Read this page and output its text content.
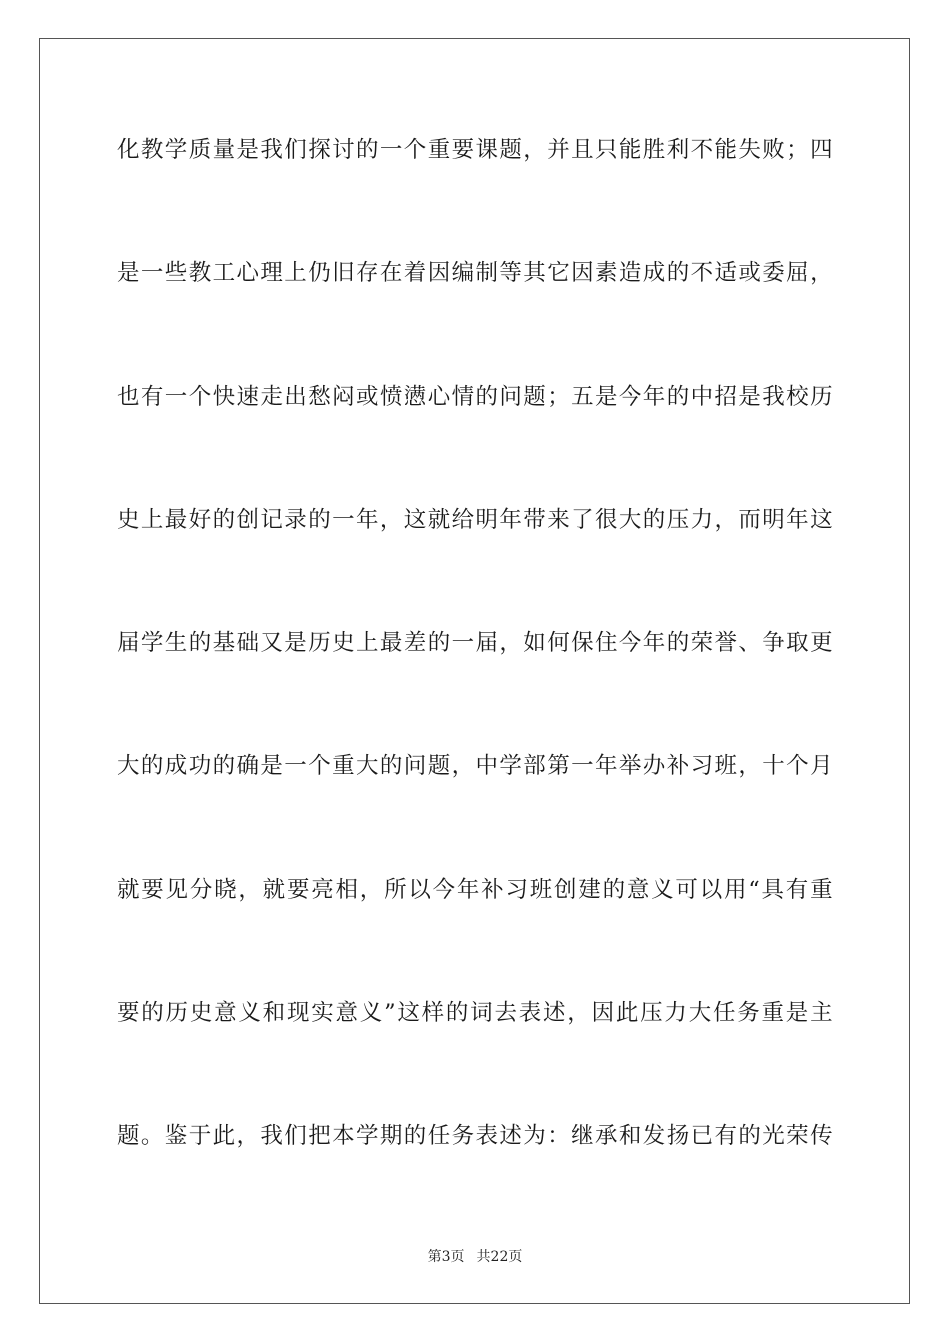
化教学质量是我们探讨的一个重要课题，并且只能胜利不能失败；四
是一些教工心理上仍旧存在着因编制等其它因素造成的不适或委屈，
也有一个快速走出愁闷或愤懑心情的问题；五是今年的中招是我校历
史上最好的创记录的一年，这就给明年带来了很大的压力，而明年这
届学生的基础又是历史上最差的一届，如何保住今年的荣誉、争取更
大的成功的确是一个重大的问题，中学部第一年举办补习班，十个月
就要见分晓，就要亮相，所以今年补习班创建的意义可以用“具有重
要的历史意义和现实意义”这样的词去表述，因此压力大任务重是主
题。鉴于此，我们把本学期的任务表述为：继承和发扬已有的光荣传
第3页 共22页
